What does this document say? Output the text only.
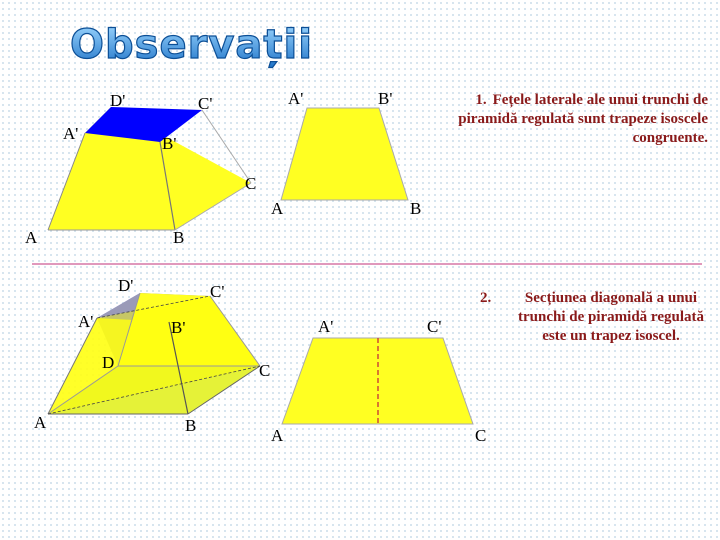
Observații
D'	C'
A'
B'
C
A	B
A'	B'
A	B
D'	C'
A'	B'
D	C
A	B
A'	C'
A	C
1. Fețele laterale ale unui trunchi de piramidă regulată sunt trapeze isoscele congruente.
2.	Secțiunea diagonală a unui trunchi de piramidă regulată este un trapez isoscel.
